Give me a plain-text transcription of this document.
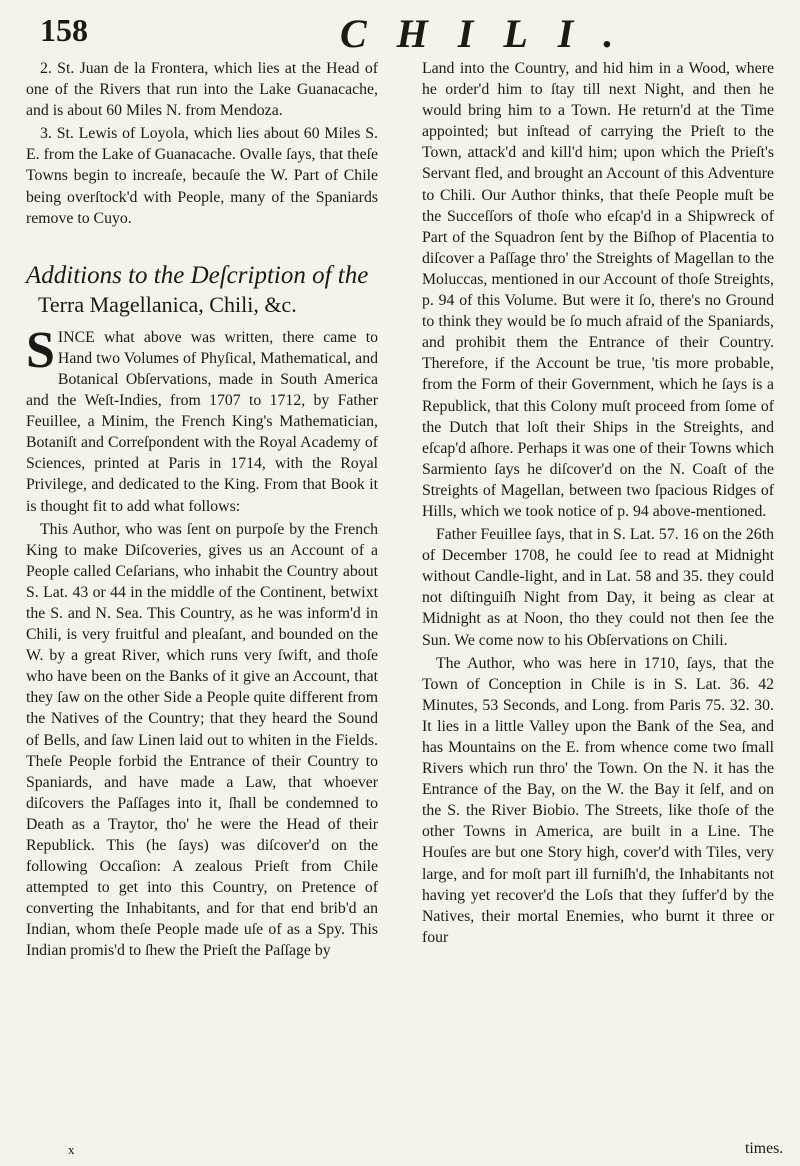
158	CHILI.

2. St. Juan de la Frontera, which lies at the Head of one of the Rivers that run into the Lake Guanacache, and is about 60 Miles N. from Mendoza.

3. St. Lewis of Loyola, which lies about 60 Miles S. E. from the Lake of Guanacache. Ovalle ſays, that theſe Towns begin to increaſe, becauſe the W. Part of Chile being overſtock'd with People, many of the Spaniards remove to Cuyo.

Additions to the Deſcription of the

Terra Magellanica, Chili, &c.

SINCE what above was written, there came to Hand two Volumes of Phyſical, Mathematical, and Botanical Obſervations, made in South America and the Weſt-Indies, from 1707 to 1712, by Father Feuillee, a Minim, the French King's Mathematician, Botaniſt and Correſpondent with the Royal Academy of Sciences, printed at Paris in 1714, with the Royal Privilege, and dedicated to the King. From that Book it is thought fit to add what follows:

This Author, who was ſent on purpoſe by the French King to make Diſcoveries, gives us an Account of a People called Ceſarians, who inhabit the Country about S. Lat. 43 or 44 in the middle of the Continent, betwixt the S. and N. Sea. This Country, as he was inform'd in Chili, is very fruitful and pleaſant, and bounded on the W. by a great River, which runs very ſwift, and thoſe who have been on the Banks of it give an Account, that they ſaw on the other Side a People quite different from the Natives of the Country; that they heard the Sound of Bells, and ſaw Linen laid out to whiten in the Fields. Theſe People forbid the Entrance of their Country to Spaniards, and have made a Law, that whoever diſcovers the Paſſages into it, ſhall be condemned to Death as a Traytor, tho' he were the Head of their Republick. This (he ſays) was diſcover'd on the following Occaſion: A zealous Prieſt from Chile attempted to get into this Country, on Pretence of converting the Inhabitants, and for that end brib'd an Indian, whom theſe People made uſe of as a Spy. This Indian promis'd to ſhew the Prieſt the Paſſage by

Land into the Country, and hid him in a Wood, where he order'd him to ſtay till next Night, and then he would bring him to a Town. He return'd at the Time appointed; but inſtead of carrying the Prieſt to the Town, attack'd and kill'd him; upon which the Prieſt's Servant fled, and brought an Account of this Adventure to Chili. Our Author thinks, that theſe People muſt be the Succeſſors of thoſe who eſcap'd in a Shipwreck of Part of the Squadron ſent by the Biſhop of Placentia to diſcover a Paſſage thro' the Streights of Magellan to the Moluccas, mentioned in our Account of thoſe Streights, p. 94 of this Volume. But were it ſo, there's no Ground to think they would be ſo much afraid of the Spaniards, and prohibit them the Entrance of their Country. Therefore, if the Account be true, 'tis more probable, from the Form of their Government, which he ſays is a Republick, that this Colony muſt proceed from ſome of the Dutch that loſt their Ships in the Streights, and eſcap'd aſhore. Perhaps it was one of their Towns which Sarmiento ſays he diſcover'd on the N. Coaſt of the Streights of Magellan, between two ſpacious Ridges of Hills, which we took notice of p. 94 above-mentioned.

Father Feuillee ſays, that in S. Lat. 57. 16 on the 26th of December 1708, he could ſee to read at Midnight without Candle-light, and in Lat. 58 and 35. they could not diſtinguiſh Night from Day, it being as clear at Midnight as at Noon, tho they could not then ſee the Sun. We come now to his Obſervations on Chili.

The Author, who was here in 1710, ſays, that the Town of Conception in Chile is in S. Lat. 36. 42 Minutes, 53 Seconds, and Long. from Paris 75. 32. 30. It lies in a little Valley upon the Bank of the Sea, and has Mountains on the E. from whence come two ſmall Rivers which run thro' the Town. On the N. it has the Entrance of the Bay, on the W. the Bay it ſelf, and on the S. the River Biobio. The Streets, like thoſe of the other Towns in America, are built in a Line. The Houſes are but one Story high, cover'd with Tiles, very large, and for moſt part ill furniſh'd, the Inhabitants not having yet recover'd the Loſs that they ſuffer'd by the Natives, their mortal Enemies, who burnt it three or four

x	times.
